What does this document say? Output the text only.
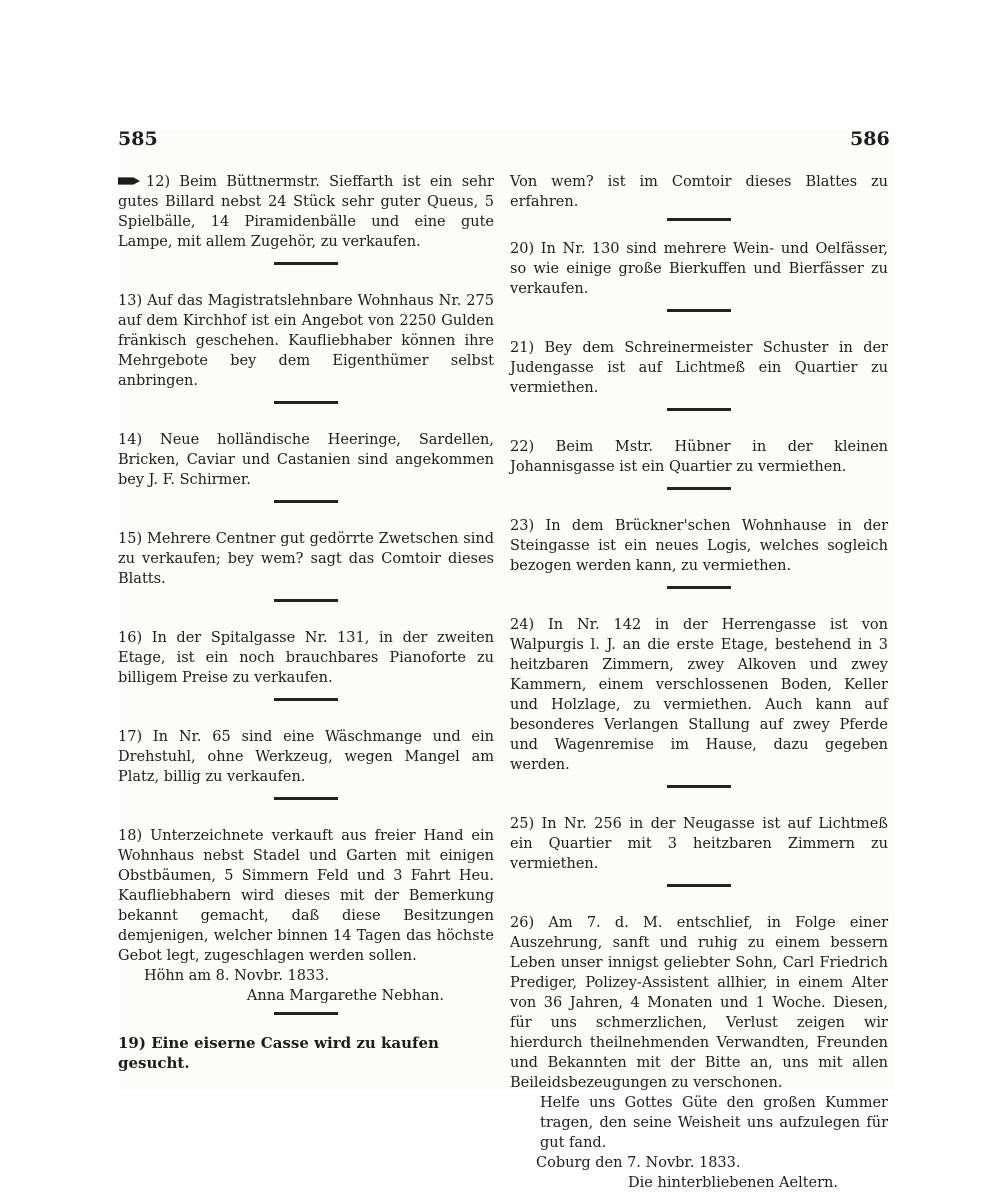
585	586
12) Beim Büttnermstr. Sieffarth ist ein sehr gutes Billard nebst 24 Stück sehr guter Queus, 5 Spielbälle, 14 Piramidenbälle und eine gute Lampe, mit allem Zugehör, zu verkaufen.
13) Auf das Magistratslehnbare Wohnhaus Nr. 275 auf dem Kirchhof ist ein Angebot von 2250 Gulden fränkisch geschehen. Kaufliebhaber können ihre Mehrgebote bey dem Eigenthümer selbst anbringen.
14) Neue holländische Heeringe, Sardellen, Bricken, Caviar und Castanien sind angekommen bey J. F. Schirmer.
15) Mehrere Centner gut gedörrte Zwetschen sind zu verkaufen; bey wem? sagt das Comtoir dieses Blatts.
16) In der Spitalgasse Nr. 131, in der zweiten Etage, ist ein noch brauchbares Pianoforte zu billigem Preise zu verkaufen.
17) In Nr. 65 sind eine Wäschmange und ein Drehstuhl, ohne Werkzeug, wegen Mangel am Platz, billig zu verkaufen.

18) Unterzeichnete verkauft aus freier Hand ein Wohnhaus nebst Stadel und Garten mit einigen Obstbäumen, 5 Simmern Feld und 3 Fahrt Heu. Kaufliebhabern wird dieses mit der Bemerkung bekannt gemacht, daß diese Besitzungen demjenigen, welcher binnen 14 Tagen das höchste Gebot legt, zugeschlagen werden sollen.

Höhn am 8. Novbr. 1833.

Anna Margarethe Nebhan.

19) Eine eiserne Casse wird zu kaufen gesucht.
Von wem? ist im Comtoir dieses Blattes zu erfahren.
20) In Nr. 130 sind mehrere Wein- und Oelfässer, so wie einige große Bierkuffen und Bierfässer zu verkaufen.
21) Bey dem Schreinermeister Schuster in der Judengasse ist auf Lichtmeß ein Quartier zu vermiethen.
22) Beim Mstr. Hübner in der kleinen Johannisgasse ist ein Quartier zu vermiethen.
23) In dem Brückner'schen Wohnhause in der Steingasse ist ein neues Logis, welches sogleich bezogen werden kann, zu vermiethen.
24) In Nr. 142 in der Herrengasse ist von Walpurgis l. J. an die erste Etage, bestehend in 3 heitzbaren Zimmern, zwey Alkoven und zwey Kammern, einem verschlossenen Boden, Keller und Holzlage, zu vermiethen. Auch kann auf besonderes Verlangen Stallung auf zwey Pferde und Wagenremise im Hause, dazu gegeben werden.
25) In Nr. 256 in der Neugasse ist auf Lichtmeß ein Quartier mit 3 heitzbaren Zimmern zu vermiethen.

26) Am 7. d. M. entschlief, in Folge einer Auszehrung, sanft und ruhig zu einem bessern Leben unser innigst geliebter Sohn, Carl Friedrich Prediger, Polizey-Assistent allhier, in einem Alter von 36 Jahren, 4 Monaten und 1 Woche. Diesen, für uns schmerzlichen, Verlust zeigen wir hierdurch theilnehmenden Verwandten, Freunden und Bekannten mit der Bitte an, uns mit allen Beileidsbezeugungen zu verschonen.

Helfe uns Gottes Güte den großen Kummer tragen, den seine Weisheit uns aufzulegen für gut fand.

Coburg den 7. Novbr. 1833.

Die hinterbliebenen Aeltern.
